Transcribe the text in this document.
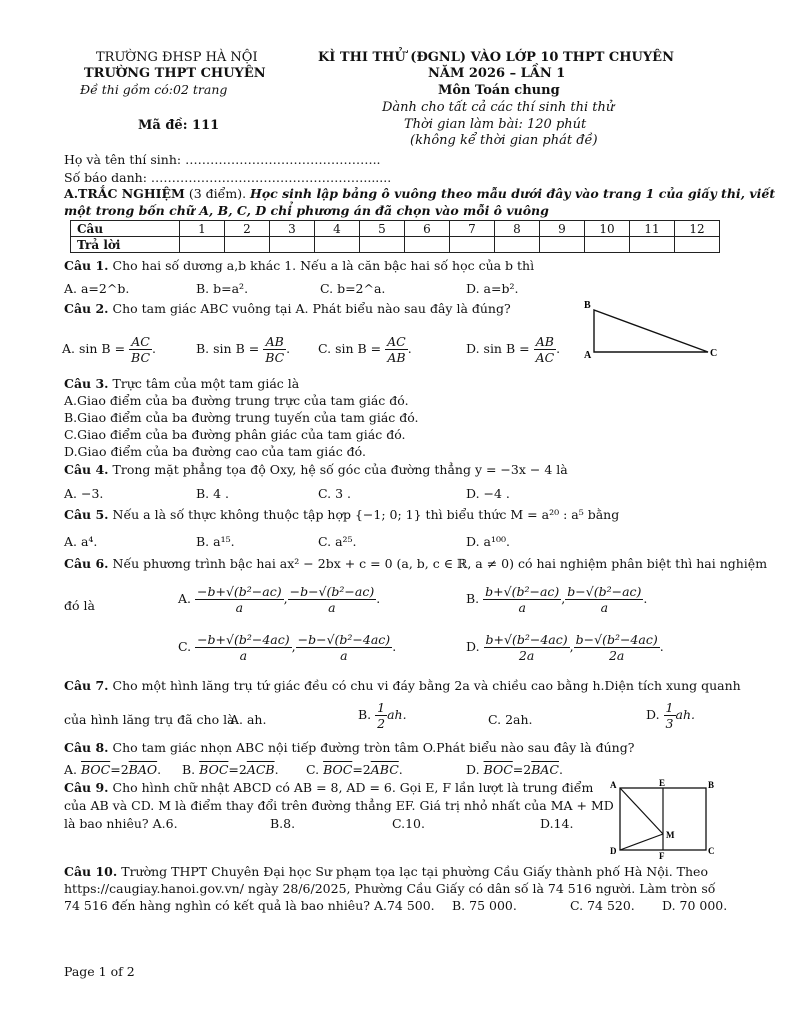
TRƯỜNG ĐHSP HÀ NỘI
TRƯỜNG THPT CHUYÊN
Đề thi gồm có:02 trang
Mã đề: 111
KÌ THI THỬ (ĐGNL) VÀO LỚP 10 THPT CHUYÊN
NĂM 2026 – LẦN 1
Môn Toán chung
Dành cho tất cả các thí sinh thi thử
Thời gian làm bài: 120 phút
(không kể thời gian phát đề)
Họ và tên thí sinh: ………………………………………..
Số báo danh: …………………………………………….......
A.TRẮC NGHIỆM (3 điểm). Học sinh lập bảng ô vuông theo mẫu dưới đây vào trang 1 của giấy thi, viết
một trong bốn chữ A, B, C, D chỉ phương án đã chọn vào mỗi ô vuông
Câu	1	2	3	4	5	6	7	8	9	10	11	12
Trả lời												
Câu 1. Cho hai số dương a,b khác 1. Nếu a là căn bậc hai số học của b thì
A. a=2^b.	B. b=a².	C. b=2^a.	D. a=b².
Câu 2. Cho tam giác ABC vuông tại A. Phát biểu nào sau đây là đúng?
A. $\sin B = \frac{AC}{BC}$ .	B. $\sin B = \frac{AB}{BC}$ . C. $\sin B = \frac{AC}{AB}$ .	D. $\sin B = \frac{AB}{AC}$ .
B
A	C
Câu 3. Trực tâm của một tam giác là
A.Giao điểm của ba đường trung trực của tam giác đó.
B.Giao điểm của ba đường trung tuyến của tam giác đó.
C.Giao điểm của ba đường phân giác của tam giác đó.
D.Giao điểm của ba đường cao của tam giác đó.
Câu 4. Trong mặt phẳng tọa độ Oxy, hệ số góc của đường thẳng y = −3x − 4 là
A. −3.	B. 4 .	C. 3 .	D. −4 .
Câu 5. Nếu a là số thực không thuộc tập hợp {−1; 0; 1} thì biểu thức M = a²⁰ : a⁵ bằng
A. a⁴.	B. a¹⁵.	C. a²⁵.	D. a¹⁰⁰.
Câu 6. Nếu phương trình bậc hai ax² − 2bx + c = 0 (a, b, c ∈ ℝ, a ≠ 0) có hai nghiệm phân biệt thì hai nghiệm
đó là	A. $\frac{\text{−b+√(b²−ac)}}{a}$ , $\frac{\text{−b−√(b²−ac)}}{a}$ .	B. $\frac{\text{b+√(b²−ac)}}{a}$ , $\frac{\text{b−√(b²−ac)}}{a}$ .
C. $\frac{\text{−b+√(b²−4ac)}}{a}$ , $\frac{\text{−b−√(b²−4ac)}}{a}$ .	D. $\frac{\text{b+√(b²−4ac)}}{2a}$ , $\frac{\text{b−√(b²−4ac)}}{2a}$ .
Câu 7. Cho một hình lăng trụ tứ giác đều có chu vi đáy bằng 2a và chiều cao bằng h.Diện tích xung quanh
của hình lăng trụ đã cho là
A. ah.	B. $\frac{1}{2}$ ah.	C. 2ah.	D. $\frac{1}{3}$ ah.
Câu 8. Cho tam giác nhọn ABC nội tiếp đường tròn tâm O.Phát biểu nào sau đây là đúng?
A. $\overline{BOC}=2\overline{BAO}$. B. $\overline{BOC}=2\overline{ACB}$. C. $\overline{BOC}=2\overline{ABC}$.	D. $\overline{BOC}=2\overline{BAC}$.
Câu 9. Cho hình chữ nhật ABCD có AB = 8, AD = 6. Gọi E, F lần lượt là trung điểm
của AB và CD. M là điểm thay đổi trên đường thẳng EF. Giá trị nhỏ nhất của MA + MD
là bao nhiêu? A.6.	B.8.	C.10.	D.14.
A	E	B
D	F	C
M
Câu 10. Trường THPT Chuyên Đại học Sư phạm tọa lạc tại phường Cầu Giấy thành phố Hà Nội. Theo
https://caugiay.hanoi.gov.vn/ ngày 28/6/2025, Phường Cầu Giấy có dân số là 74 516 người. Làm tròn số
74 516 đến hàng nghìn có kết quả là bao nhiêu? A.74 500. B. 75 000.	C. 74 520. D. 70 000.
Page 1 of 2
